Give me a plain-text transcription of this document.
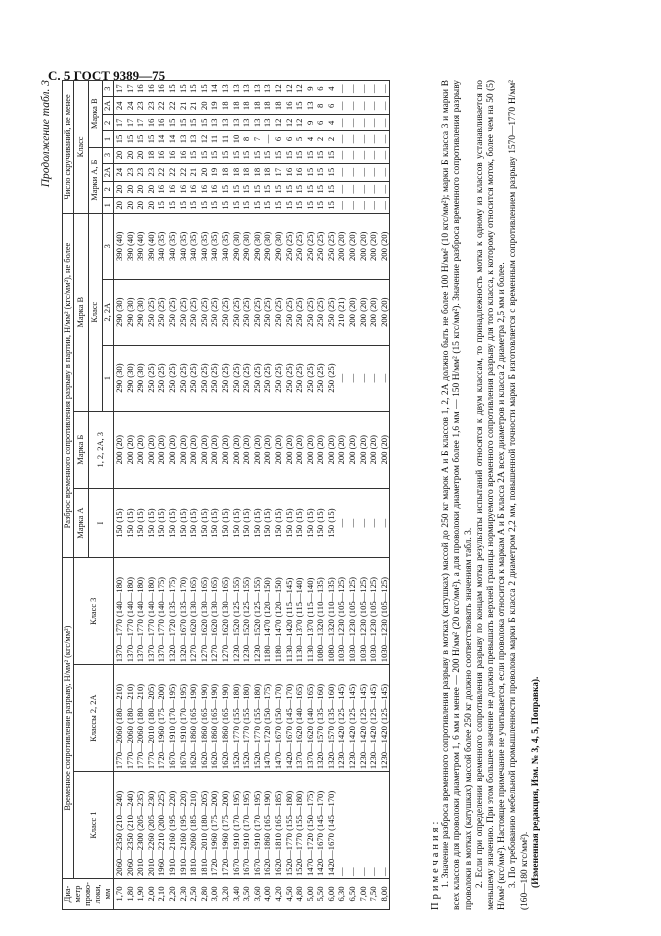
С. 5 ГОСТ 9389—75
Продолжение табл. 3
Диа-метр прово-локи, мм	Временное сопротивление разрыву, Н/мм² (кгс/мм²)			Разброс временного сопротивления разрыву в партии, Н/мм² (кгс/мм²), не более					Число скручиваний, не менее							
	Класс 1	Классы 2, 2А	Класс 3	Марка А	Марка Б	Марка В			Класс							
				I	1, 2, 2А, 3	Класс			Марки А, Б				Марка В			
						1	2, 2А	3	1	2	2А	3	1	2	2А	3
1,70	2060—2350 (210—240)	1770—2060 (180—210)	1370—1770 (140—180)	150 (15)	200 (20)	290 (30)	290 (30)	390 (40)	20	20	24	20	15	17	24	17
1,80	2060—2350 (210—240)	1770—2060 (180—210)	1370—1770 (140—180)	150 (15)	200 (20)	290 (30)	290 (30)	390 (40)	20	20	23	20	15	17	24	17
1,90	2010—2300 (205—235)	1770—2060 (180—210)	1370—1770 (140—180)	150 (15)	200 (20)	290 (30)	290 (30)	390 (40)	20	20	23	20	15	17	23	16
2,00	2010—2260 (205—230)	1770—2010 (180—205)	1370—1770 (140—180)	150 (15)	200 (20)	250 (25)	250 (25)	390 (40)	20	20	23	18	15	16	23	16
2,10	1960—2210 (200—225)	1720—1960 (175—200)	1370—1770 (140—175)	150 (15)	200 (20)	250 (25)	250 (25)	340 (35)	15	16	22	16	14	16	22	16
2,20	1910—2160 (195—220)	1670—1910 (170—195)	1320—1720 (135—175)	150 (15)	200 (20)	250 (25)	250 (25)	340 (35)	15	16	22	16	14	15	22	15
2,30	1910—2160 (195—220)	1670—1910 (170—195)	1320—1670 (135—170)	150 (15)	200 (20)	250 (25)	250 (25)	340 (35)	15	16	22	16	13	15	21	15
2,50	1810—2060 (185—210)	1620—1860 (165—190)	1270—1620 (130—165)	150 (15)	200 (20)	250 (25)	250 (25)	340 (35)	15	16	21	15	13	15	21	15
2,80	1810—2010 (180—205)	1620—1860 (165—190)	1270—1620 (130—165)	150 (15)	200 (20)	250 (25)	250 (25)	340 (35)	15	16	20	15	12	15	20	15
3,00	1720—1960 (175—200)	1620—1860 (165—190)	1270—1620 (130—165)	150 (15)	200 (20)	250 (25)	250 (25)	340 (35)	15	16	19	15	11	13	19	14
3,20	1720—1960 (175—200)	1620—1860 (165—190)	1270—1620 (130—165)	150 (15)	200 (20)	250 (25)	250 (25)	340 (35)	15	15	18	15	11	13	18	13
3,40	1670—1910 (170—195)	1520—1770 (155—180)	1230—1520 (125—155)	150 (15)	200 (20)	250 (25)	250 (25)	290 (30)	15	15	18	15	10	13	18	13
3,50	1670—1910 (170—195)	1520—1770 (155—180)	1230—1520 (125—155)	150 (15)	200 (20)	250 (25)	250 (25)	290 (30)	15	15	18	15	8	13	18	13
3,60	1670—1910 (170—195)	1520—1770 (155—180)	1230—1520 (125—155)	150 (15)	200 (20)	250 (25)	250 (25)	290 (30)	15	15	18	15	7	13	18	13
4,00	1620—1860 (165—190)	1470—1720 (150—175)	1180—1470 (120—150)	150 (15)	200 (20)	250 (25)	250 (25)	290 (30)	15	15	18	15	—	13	18	13
4,20	1620—1810 (165—185)	1470—1670 (150—170)	1180—1470 (120—150)	150 (15)	200 (20)	250 (25)	250 (25)	290 (30)	15	15	17	15	6	12	18	12
4,50	1520—1770 (155—180)	1420—1670 (145—170)	1130—1420 (115—145)	150 (15)	200 (20)	250 (25)	250 (25)	250 (25)	15	15	16	15	6	12	16	12
4,80	1520—1770 (155—180)	1370—1620 (140—165)	1130—1370 (115—140)	150 (15)	200 (20)	250 (25)	250 (25)	250 (25)	15	15	16	15	5	12	15	12
5,00	1470—1720 (150—175)	1370—1620 (140—165)	1130—1370 (115—140)	150 (15)	200 (20)	250 (25)	250 (25)	250 (25)	15	15	15	15	4	9	13	9
5,50	1420—1670 (145—170)	1320—1570 (135—160)	1080—1320 (110—135)	150 (15)	200 (20)	250 (25)	250 (25)	250 (25)	15	15	15	15	2	6	8	6
6,00	1420—1670 (145—170)	1320—1570 (135—160)	1080—1320 (110—135)	150 (15)	200 (20)	250 (25)	250 (25)	250 (25)	15	15	15	15	2	4	6	4
6,30	—	1230—1420 (125—145)	1030—1230 (105—125)	—	200 (20)	—	210 (21)	200 (20)	—	—	—	—	—	—	—	—
6,50	—	1230—1420 (125—145)	1030—1230 (105—125)	—	200 (20)	—	200 (20)	200 (20)	—	—	—	—	—	—	—	—
7,00	—	1230—1420 (125—145)	1030—1230 (105—125)	—	200 (20)	—	200 (20)	200 (20)	—	—	—	—	—	—	—	—
7,50	—	1230—1420 (125—145)	1030—1230 (105—125)	—	200 (20)	—	200 (20)	200 (20)	—	—	—	—	—	—	—	—
8,00	—	1230—1420 (125—145)	1030—1230 (105—125)	—	200 (20)	—	200 (20)	200 (20)	—	—	—	—	—	—	—	—

Примечания: 1. Значение разброса временного сопротивления разрыву в мотках (катушках) массой до 250 кг марок А и Б классов 1, 2, 2А должно быть не более 100 Н/мм² (10 кгс/мм²); марки Б класса 3 и марки В всех классов для проволоки диаметром 1, 6 мм и менее — 200 Н/мм² (20 кгс/мм²), а для проволоки диаметром более 1,6 мм — 150 Н/мм² (15 кгс/мм²). Значение разброса временного сопротивления разрыву проволоки в мотках (катушках) массой более 250 кг должно соответствовать значениям табл. 3. 2. Если при определении временного сопротивления разрыву по концам мотка результаты испытаний относятся к двум классам, то принадлежность мотка к одному из классов устанавливается по меньшему значению. При этом большее значение не должно превышать верхней границы нормируемого временного сопротивления разрыву для того класса, к которому относится моток, более чем на 50 (5) Н/мм² (кгс/мм²). Настоящее примечание не учитывается, если проволока относится к маркам А и Б класса 2А всех диаметров и класса 2 диаметра 2,5 мм и более. 3. По требованию мебельной промышленности проволока марки Б класса 2 диаметром 2,2 мм, повышенной точности марки Б изготовляется с временным сопротивлением разрыву 1570—1770 Н/мм² (160—180 кгс/мм²). (Измененная редакция, Изм. № 3, 4, 5, Поправка).
